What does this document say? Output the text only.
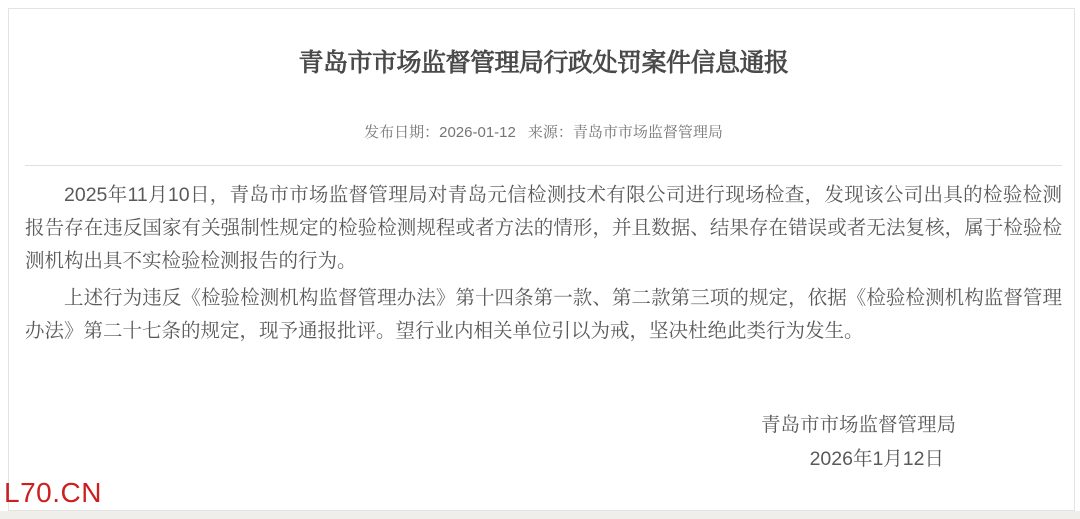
青岛市市场监督管理局行政处罚案件信息通报
发布日期：2026-01-12 来源：青岛市市场监督管理局

2025年11月10日，青岛市市场监督管理局对青岛元信检测技术有限公司进行现场检查，发现该公司出具的检验检测报告存在违反国家有关强制性规定的检验检测规程或者方法的情形，并且数据、结果存在错误或者无法复核，属于检验检测机构出具不实检验检测报告的行为。

上述行为违反《检验检测机构监督管理办法》第十四条第一款、第二款第三项的规定，依据《检验检测机构监督管理办法》第二十七条的规定，现予通报批评。望行业内相关单位引以为戒，坚决杜绝此类行为发生。

青岛市市场监督管理局
2026年1月12日
L70.CN
